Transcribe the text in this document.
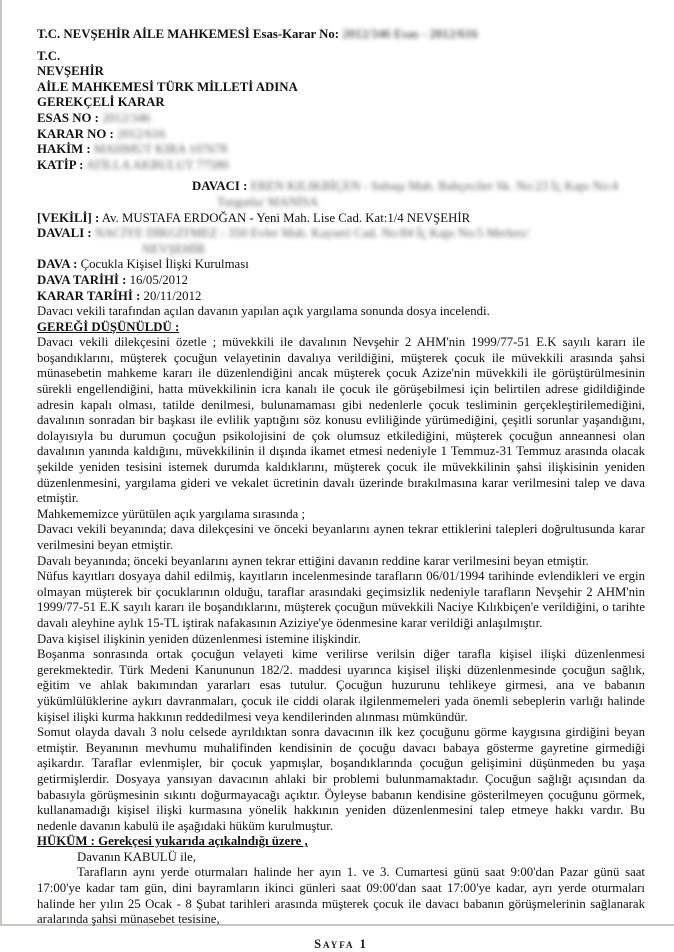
T.C. NEVŞEHİR AİLE MAHKEMESİ Esas-Karar No: 2012/346 Esas - 2012/616

T.C.

NEVŞEHİR

AİLE MAHKEMESİ TÜRK MİLLETİ ADINA

GEREKÇELİ KARAR

ESAS NO : 2012/346

KARAR NO : 2012/616

HAKİM : MAHMUT KIRA 107678

KATİP : ATİLLA AKBULUT 77580

DAVACI : EREN KILIKBİÇEN - Subaşı Mah. Bahçeciler Sk. No:23 İç Kapı No:4

Turgutlu/ MANİSA

[VEKİLİ] : Av. MUSTAFA ERDOĞAN - Yeni Mah. Lise Cad. Kat:1/4 NEVŞEHİR

DAVALI : NACİYE DİKGİTMEZ - 350 Evler Mah. Kayseri Cad. No:84 İç Kapı No:5 Merkez/

NEVŞEHİR

DAVA : Çocukla Kişisel İlişki Kurulması

DAVA TARİHİ : 16/05/2012

KARAR TARİHİ : 20/11/2012

Davacı vekili tarafından açılan davanın yapılan açık yargılama sonunda dosya incelendi.

GEREĞİ DÜŞÜNÜLDÜ :

Davacı vekili dilekçesini özetle ; müvekkili ile davalının Nevşehir 2 AHM'nin 1999/77-51 E.K sayılı kararı ile boşandıklarını, müşterek çocuğun velayetinin davalıya verildiğini, müşterek çocuk ile müvekkili arasında şahsi münasebetin mahkeme kararı ile düzenlendiğini ancak müşterek çocuk Azize'nin müvekkili ile görüştürülmesinin sürekli engellendiğini, hatta müvekkilinin icra kanalı ile çocuk ile görüşebilmesi için belirtilen adrese gidildiğinde adresin kapalı olması, tatilde denilmesi, bulunamaması gibi nedenlerle çocuk tesliminin gerçekleştirilemediğini, davalının sonradan bir başkası ile evlilik yaptığını söz konusu evliliğinde yürümediğini, çeşitli sorunlar yaşandığını, dolayısıyla bu durumun çocuğun psikolojisini de çok olumsuz etkilediğini, müşterek çocuğun anneannesi olan davalının yanında kaldığını, müvekkilinin il dışında ikamet etmesi nedeniyle 1 Temmuz-31 Temmuz arasında olacak şekilde yeniden tesisini istemek durumda kaldıklarını, müşterek çocuk ile müvekkilinin şahsi ilişkisinin yeniden düzenlenmesini, yargılama gideri ve vekalet ücretinin davalı üzerinde bırakılmasına karar verilmesini talep ve dava etmiştir.

Mahkememizce yürütülen açık yargılama sırasında ;

Davacı vekili beyanında; dava dilekçesini ve önceki beyanlarını aynen tekrar ettiklerini talepleri doğrultusunda karar verilmesini beyan etmiştir.

Davalı beyanında; önceki beyanlarını aynen tekrar ettiğini davanın reddine karar verilmesini beyan etmiştir.

Nüfus kayıtları dosyaya dahil edilmiş, kayıtların incelenmesinde tarafların 06/01/1994 tarihinde evlendikleri ve ergin olmayan müşterek bir çocuklarının olduğu, taraflar arasındaki geçimsizlik nedeniyle tarafların Nevşehir 2 AHM'nin 1999/77-51 E.K sayılı kararı ile boşandıklarını, müşterek çocuğun müvekkili Naciye Kılıkbiçen'e verildiğini, o tarihte davalı aleyhine aylık 15-TL iştirak nafakasının Aziziye'ye ödenmesine karar verildiği anlaşılmıştır.

Dava kişisel ilişkinin yeniden düzenlenmesi istemine ilişkindir.

Boşanma sonrasında ortak çocuğun velayeti kime verilirse verilsin diğer tarafla kişisel ilişki düzenlenmesi gerekmektedir. Türk Medeni Kanununun 182/2. maddesi uyarınca kişisel ilişki düzenlenmesinde çocuğun sağlık, eğitim ve ahlak bakımından yararları esas tutulur. Çocuğun huzurunu tehlikeye girmesi, ana ve babanın yükümlülüklerine aykırı davranmaları, çocuk ile ciddi olarak ilgilenmemeleri yada önemli sebeplerin varlığı halinde kişisel ilişki kurma hakkının reddedilmesi veya kendilerinden alınması mümkündür.

Somut olayda davalı 3 nolu celsede ayrıldıktan sonra davacının ilk kez çocuğunu görme kaygısına girdiğini beyan etmiştir. Beyanının mevhumu muhalifinden kendisinin de çocuğu davacı babaya gösterme gayretine girmediği aşikardır. Taraflar evlenmişler, bir çocuk yapmışlar, boşandıklarında çocuğun gelişimini düşünmeden bu yaşa getirmişlerdir. Dosyaya yansıyan davacının ahlaki bir problemi bulunmamaktadır. Çocuğun sağlığı açısından da babasıyla görüşmesinin sıkıntı doğurmayacağı açıktır. Öyleyse babanın kendisine gösterilmeyen çocuğunu görmek, kullanamadığı kişisel ilişki kurmasına yönelik hakkının yeniden düzenlenmesini talep etmeye hakkı vardır. Bu nedenle davanın kabulü ile aşağıdaki hüküm kurulmuştur.

HÜKÜM : Gerekçesi yukarıda açıkalndığı üzere ,

Davanın KABULÜ ile,

Tarafların aynı yerde oturmaları halinde her ayın 1. ve 3. Cumartesi günü saat 9:00'dan Pazar günü saat 17:00'ye kadar tam gün, dini bayramların ikinci günleri saat 09:00'dan saat 17:00'ye kadar, ayrı yerde oturmaları halinde her yılın 25 Ocak - 8 Şubat tarihleri arasında müşterek çocuk ile davacı babanın görüşmelerinin sağlanarak aralarında şahsi münasebet tesisine,

Sayfa 1
